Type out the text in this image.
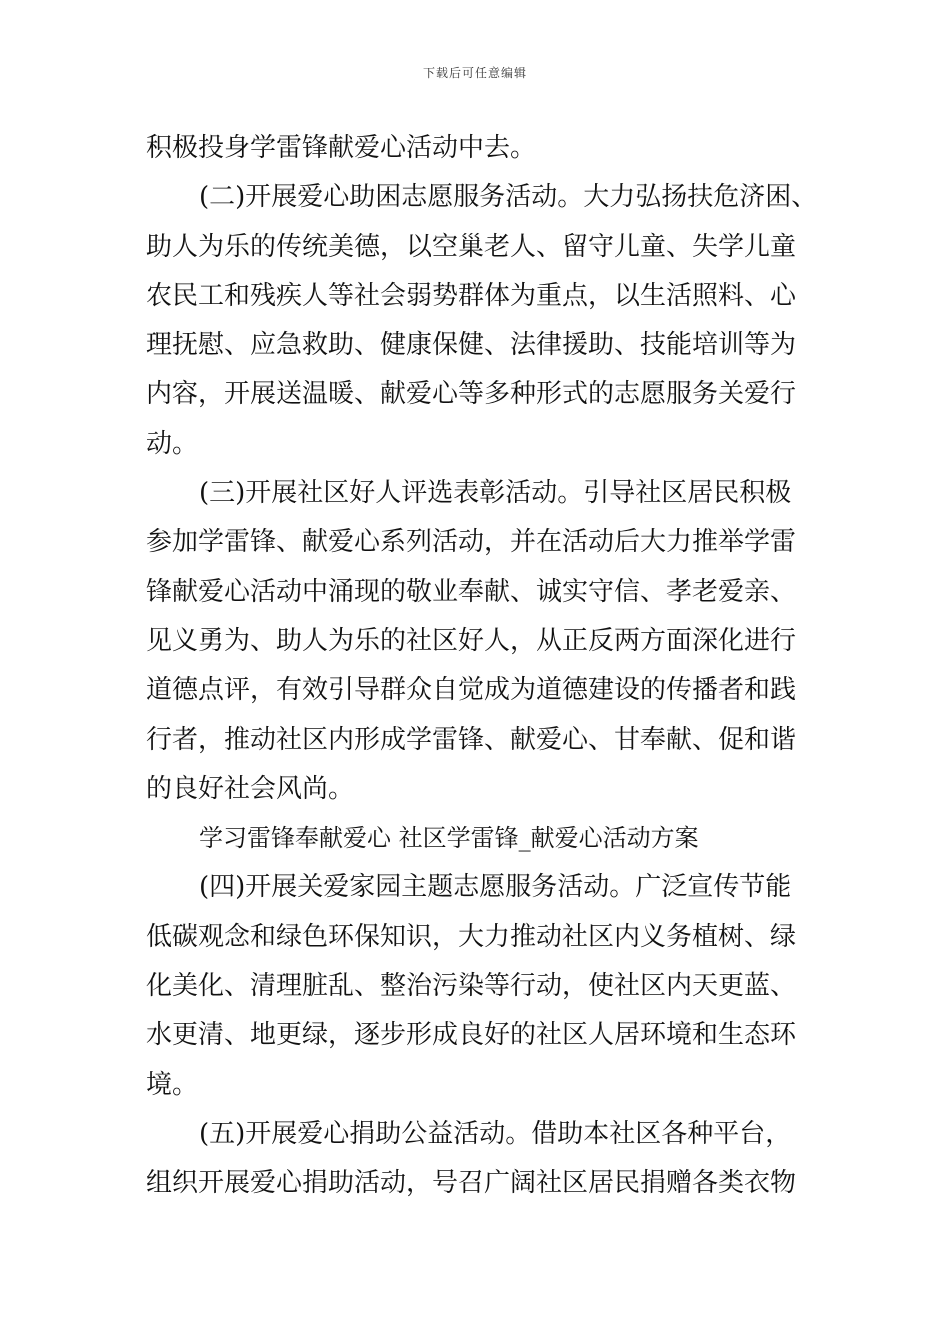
下载后可任意编辑
积极投身学雷锋献爱心活动中去。
(二)开展爱心助困志愿服务活动。大力弘扬扶危济困、
助人为乐的传统美德，以空巢老人、留守儿童、失学儿童
农民工和残疾人等社会弱势群体为重点，以生活照料、心
理抚慰、应急救助、健康保健、法律援助、技能培训等为
内容，开展送温暖、献爱心等多种形式的志愿服务关爱行
动。
(三)开展社区好人评选表彰活动。引导社区居民积极
参加学雷锋、献爱心系列活动，并在活动后大力推举学雷
锋献爱心活动中涌现的敬业奉献、诚实守信、孝老爱亲、
见义勇为、助人为乐的社区好人，从正反两方面深化进行
道德点评，有效引导群众自觉成为道德建设的传播者和践
行者，推动社区内形成学雷锋、献爱心、甘奉献、促和谐
的良好社会风尚。
学习雷锋奉献爱心 社区学雷锋_献爱心活动方案
(四)开展关爱家园主题志愿服务活动。广泛宣传节能
低碳观念和绿色环保知识，大力推动社区内义务植树、绿
化美化、清理脏乱、整治污染等行动，使社区内天更蓝、
水更清、地更绿，逐步形成良好的社区人居环境和生态环
境。
(五)开展爱心捐助公益活动。借助本社区各种平台，
组织开展爱心捐助活动，号召广阔社区居民捐赠各类衣物
